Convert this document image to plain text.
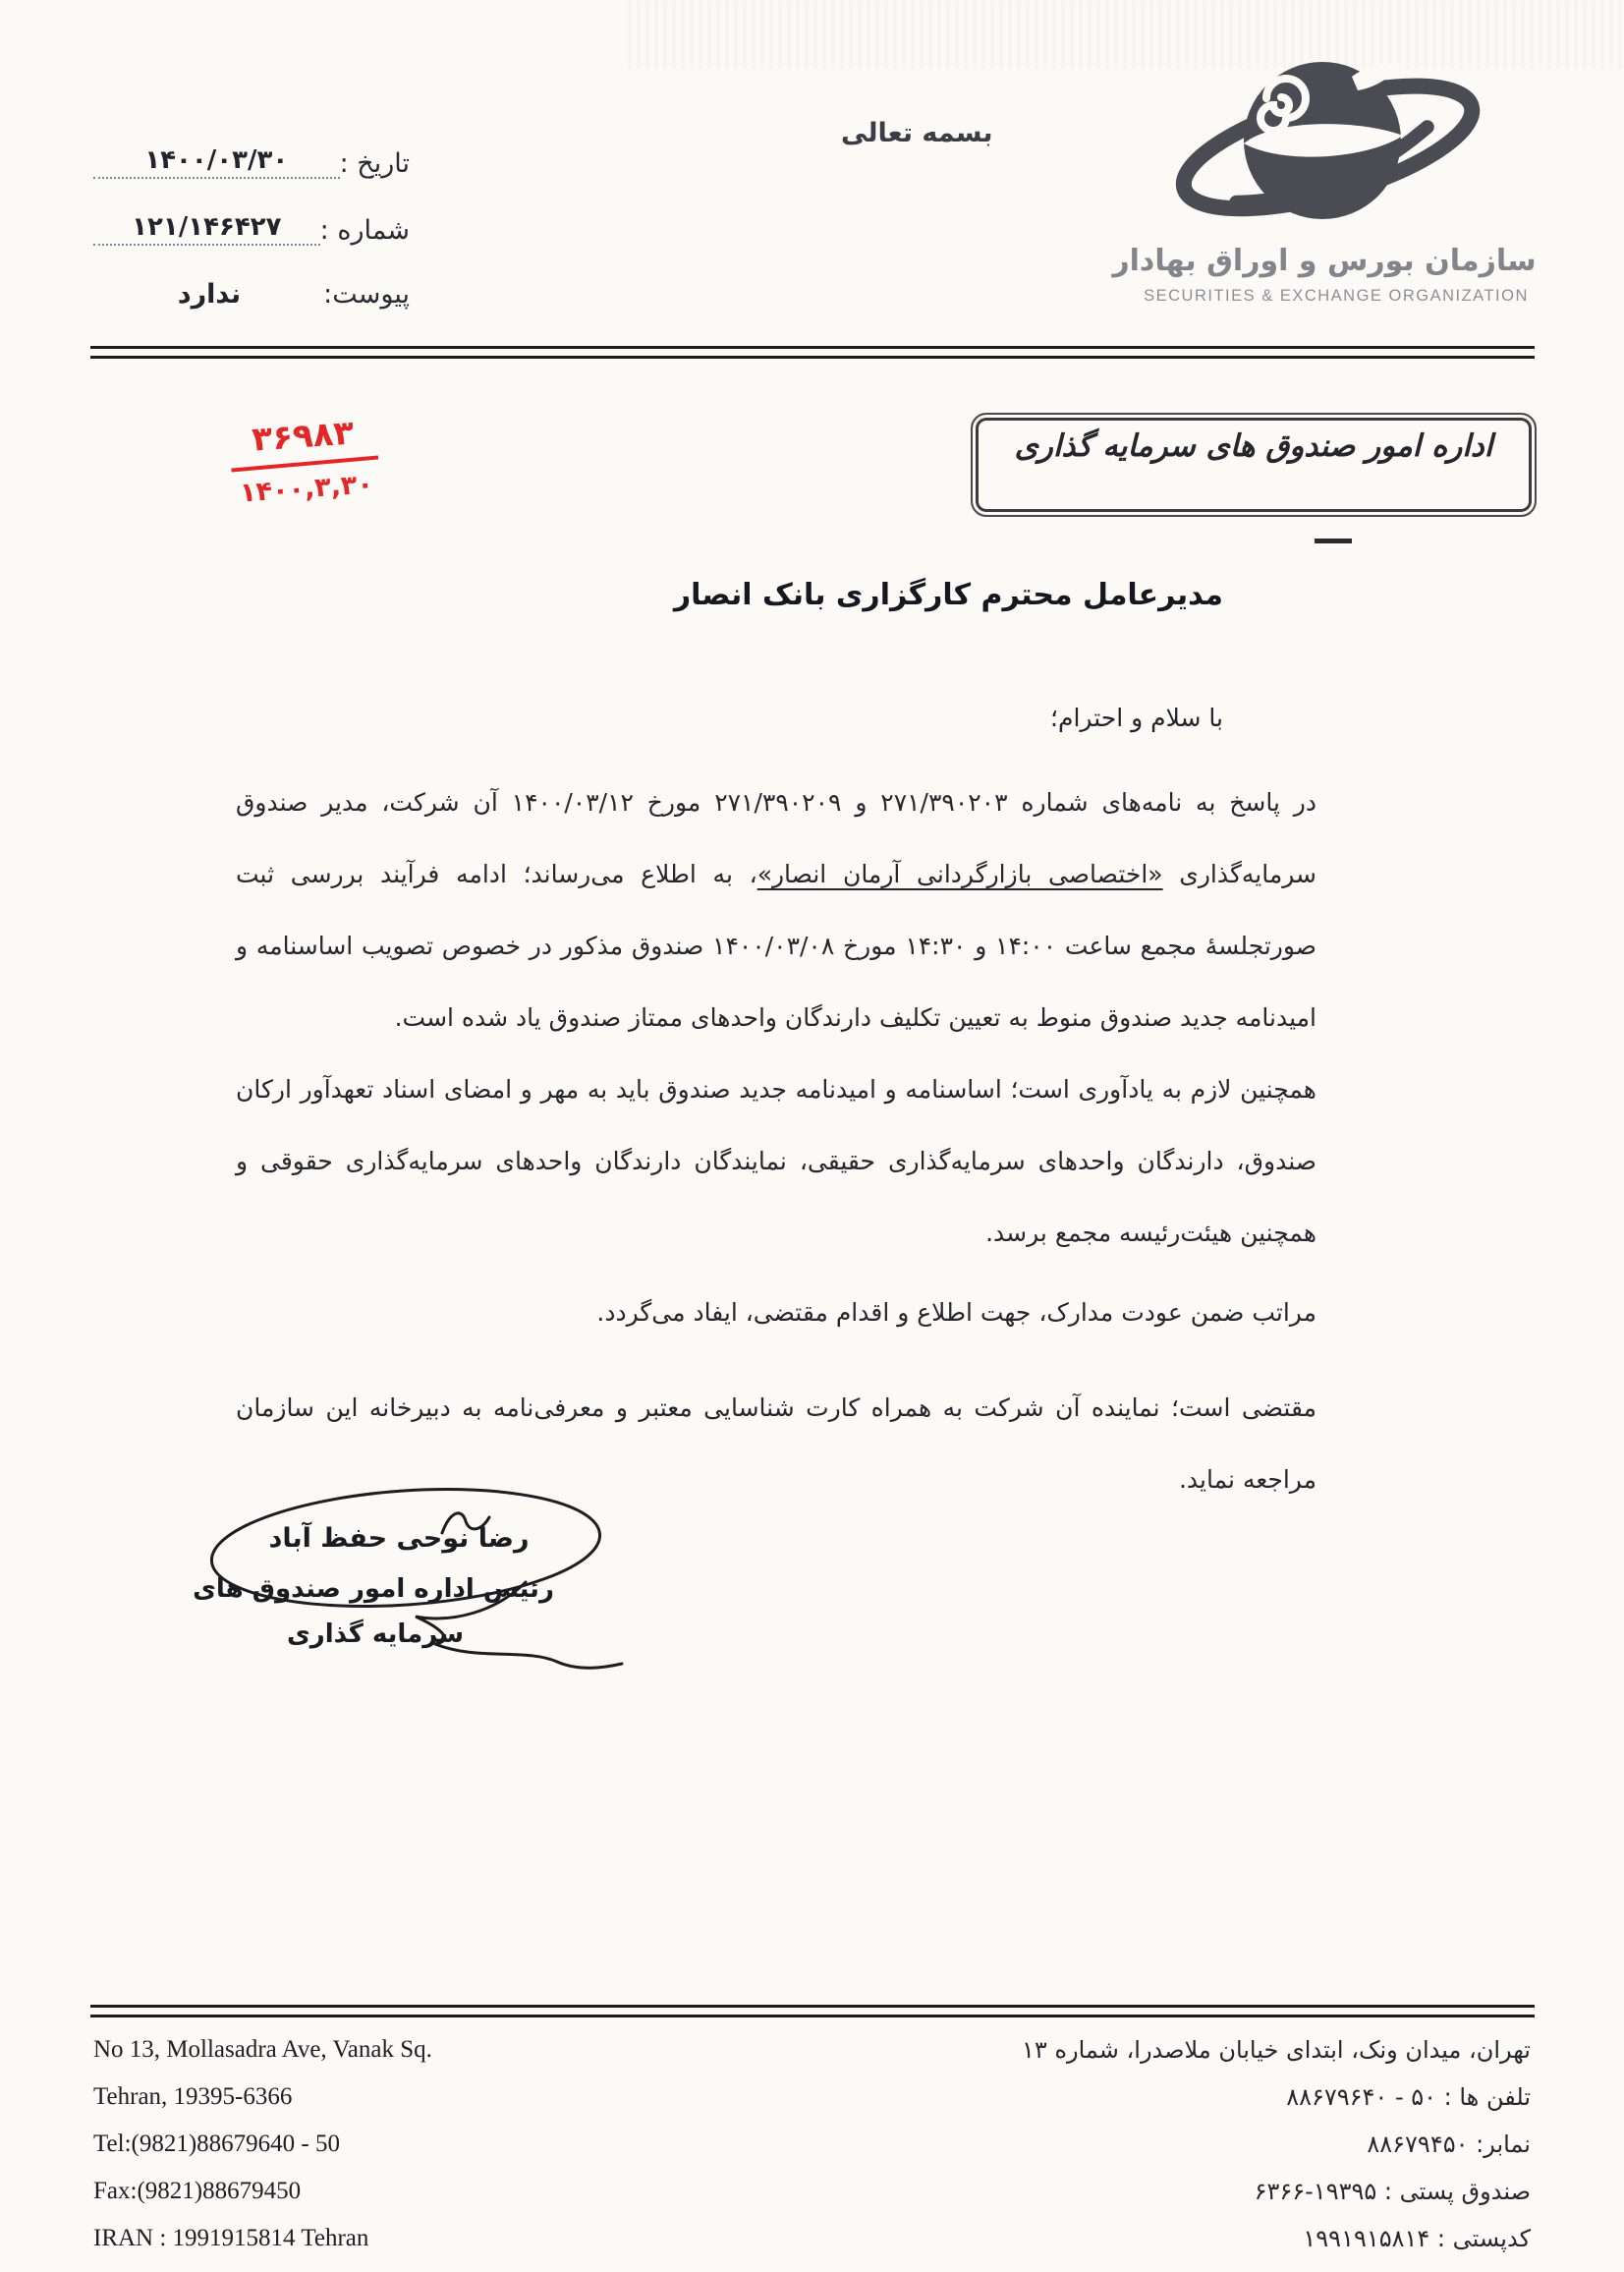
تاریخ :
۱۴۰۰/۰۳/۳۰
شماره :
۱۲۱/۱۴۶۴۲۷
پیوست:
ندارد
بسمه تعالی
سازمان بورس و اوراق بهادار
SECURITIES & EXCHANGE ORGANIZATION
اداره امور صندوق های سرمایه گذاری
۳۶۹۸۳
۱۴۰۰,۳,۳۰
مدیرعامل محترم کارگزاری بانک انصار
با سلام و احترام؛

در پاسخ به نامه‌های شماره ۲۷۱/۳۹۰۲۰۳ و ۲۷۱/۳۹۰۲۰۹ مورخ ۱۴۰۰/۰۳/۱۲ آن شرکت، مدیر صندوق سرمایه‌گذاری «اختصاصی بازارگردانی آرمان انصار»، به اطلاع می‌رساند؛ ادامه فرآیند بررسی ثبت صورتجلسهٔ مجمع ساعت ۱۴:۰۰ و ۱۴:۳۰ مورخ ۱۴۰۰/۰۳/۰۸ صندوق مذکور در خصوص تصویب اساسنامه و امیدنامه جدید صندوق منوط به تعیین تکلیف دارندگان واحدهای ممتاز صندوق یاد شده است.

همچنین لازم به یادآوری است؛ اساسنامه و امیدنامه جدید صندوق باید به مهر و امضای اسناد تعهدآور ارکان صندوق، دارندگان واحدهای سرمایه‌گذاری حقیقی، نمایندگان دارندگان واحدهای سرمایه‌گذاری حقوقی و همچنین هیئت‌رئیسه مجمع برسد.

مراتب ضمن عودت مدارک، جهت اطلاع و اقدام مقتضی، ایفاد می‌گردد.

مقتضی است؛ نماینده آن شرکت به همراه کارت شناسایی معتبر و معرفی‌نامه به دبیرخانه این سازمان مراجعه نماید.

رضا نوحی حفظ آباد
رئیس اداره امور صندوق های
سرمایه گذاری
No 13, Mollasadra Ave, Vanak Sq.
Tehran, 19395-6366
Tel:(9821)88679640 - 50
Fax:(9821)88679450
IRAN : 1991915814 Tehran
تهران، میدان ونک، ابتدای خیابان ملاصدرا، شماره ۱۳
تلفن ها : ۵۰ - ۸۸۶۷۹۶۴۰
نمابر: ۸۸۶۷۹۴۵۰
صندوق پستی : ۱۹۳۹۵-۶۳۶۶
کدپستی : ۱۹۹۱۹۱۵۸۱۴
